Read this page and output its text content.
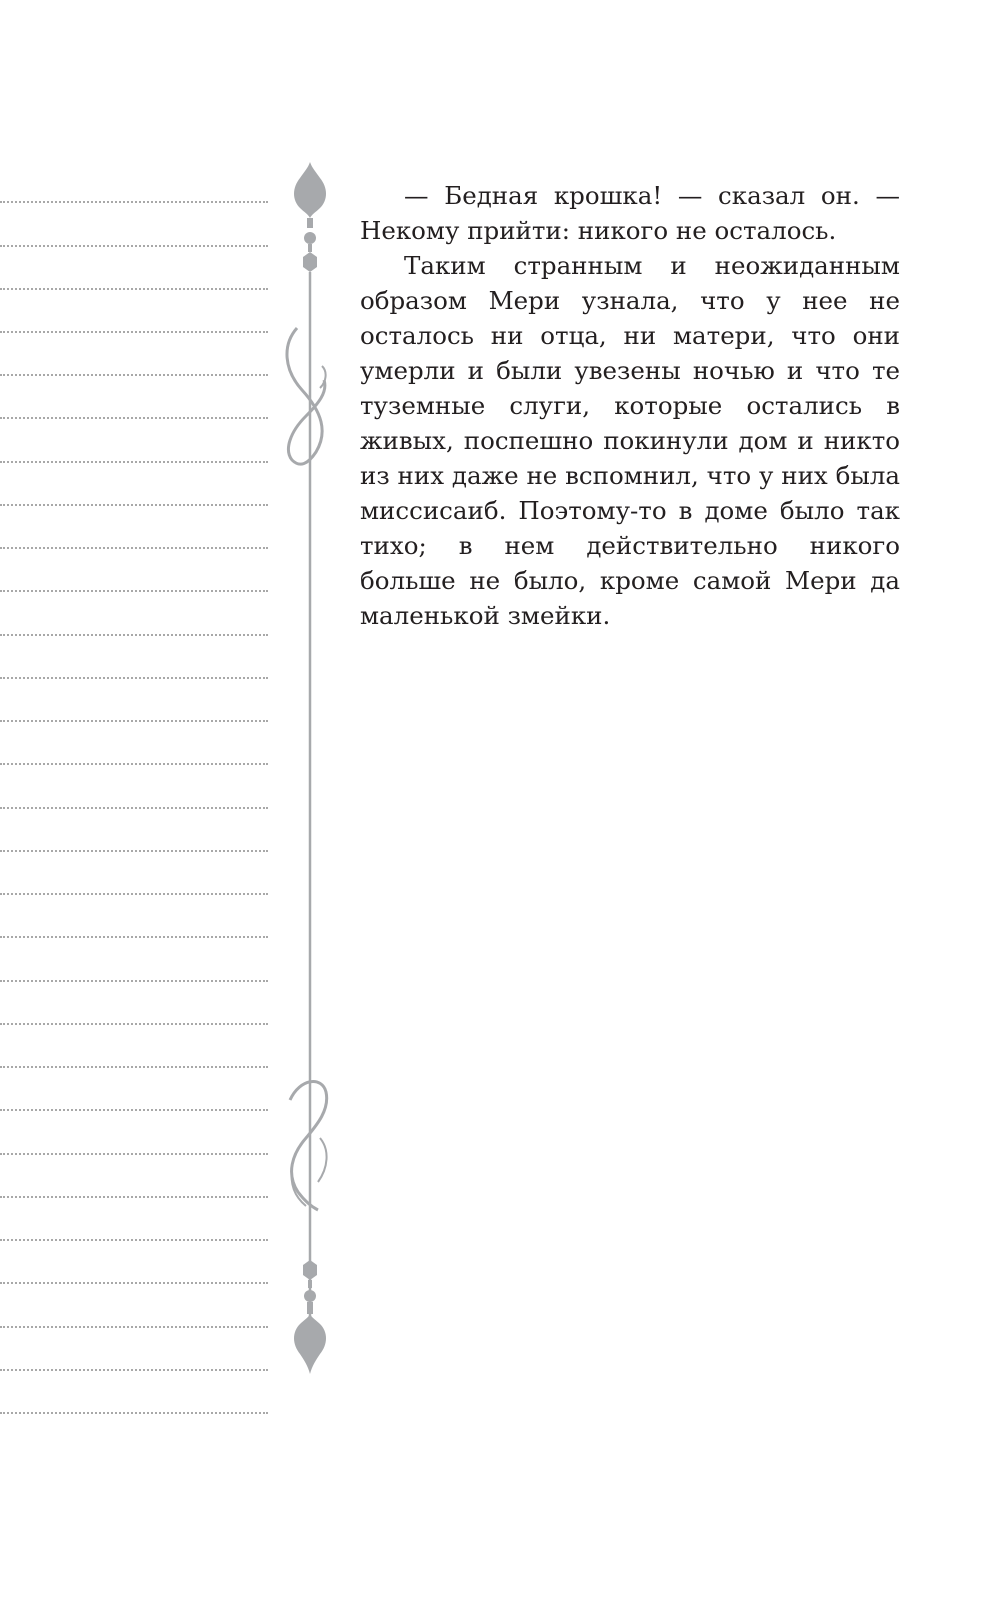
— Бедная крошка! — сказал он. — Некому прийти: никого не осталось.

Таким странным и неожиданным образом Мери узнала, что у нее не осталось ни отца, ни матери, что они умерли и были увезены ночью и что те туземные слуги, которые остались в живых, поспешно покинули дом и никто из них даже не вспомнил, что у них была миссисаиб. Поэтому-то в доме было так тихо; в нем действительно никого больше не было, кроме самой Мери да маленькой змейки.
